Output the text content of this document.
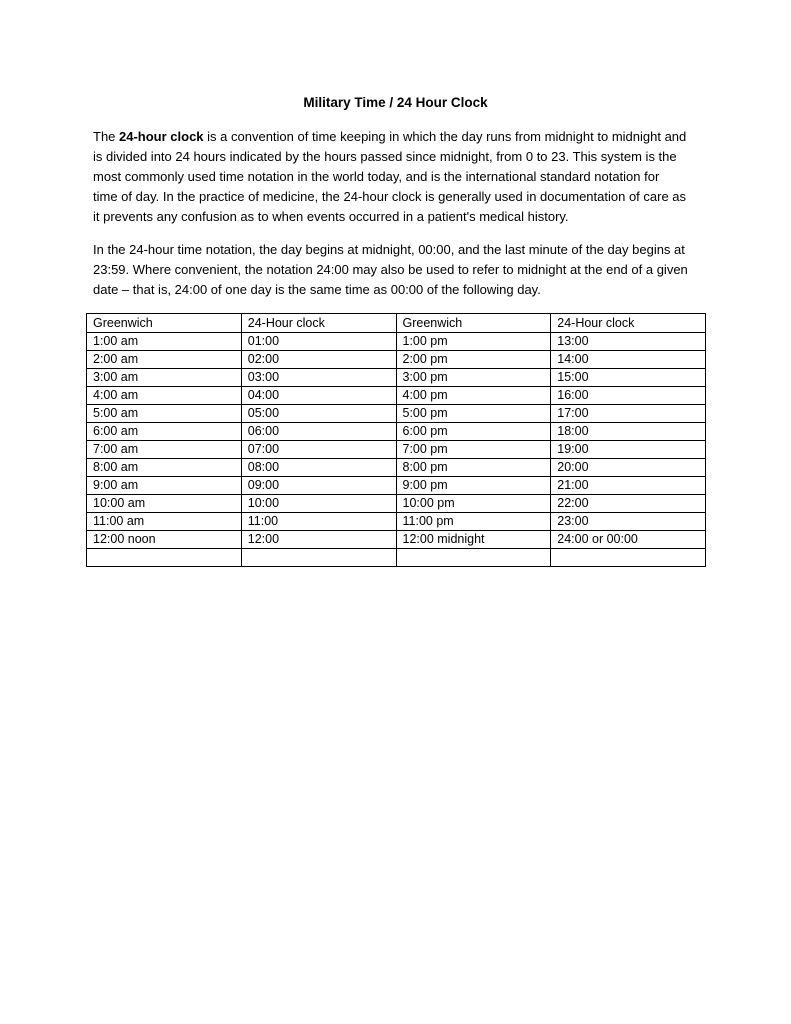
Military Time / 24 Hour Clock
The 24-hour clock is a convention of time keeping in which the day runs from midnight to midnight and
is divided into 24 hours indicated by the hours passed since midnight, from 0 to 23. This system is the
most commonly used time notation in the world today, and is the international standard notation for
time of day. In the practice of medicine, the 24-hour clock is generally used in documentation of care as
it prevents any confusion as to when events occurred in a patient's medical history.
In the 24-hour time notation, the day begins at midnight, 00:00, and the last minute of the day begins at
23:59. Where convenient, the notation 24:00 may also be used to refer to midnight at the end of a given
date – that is, 24:00 of one day is the same time as 00:00 of the following day.
Greenwich	24-Hour clock	Greenwich	24-Hour clock
1:00 am	01:00	1:00 pm	13:00
2:00 am	02:00	2:00 pm	14:00
3:00 am	03:00	3:00 pm	15:00
4:00 am	04:00	4:00 pm	16:00
5:00 am	05:00	5:00 pm	17:00
6:00 am	06:00	6:00 pm	18:00
7:00 am	07:00	7:00 pm	19:00
8:00 am	08:00	8:00 pm	20:00
9:00 am	09:00	9:00 pm	21:00
10:00 am	10:00	10:00 pm	22:00
11:00 am	11:00	11:00 pm	23:00
12:00 noon	12:00	12:00 midnight	24:00 or 00:00
